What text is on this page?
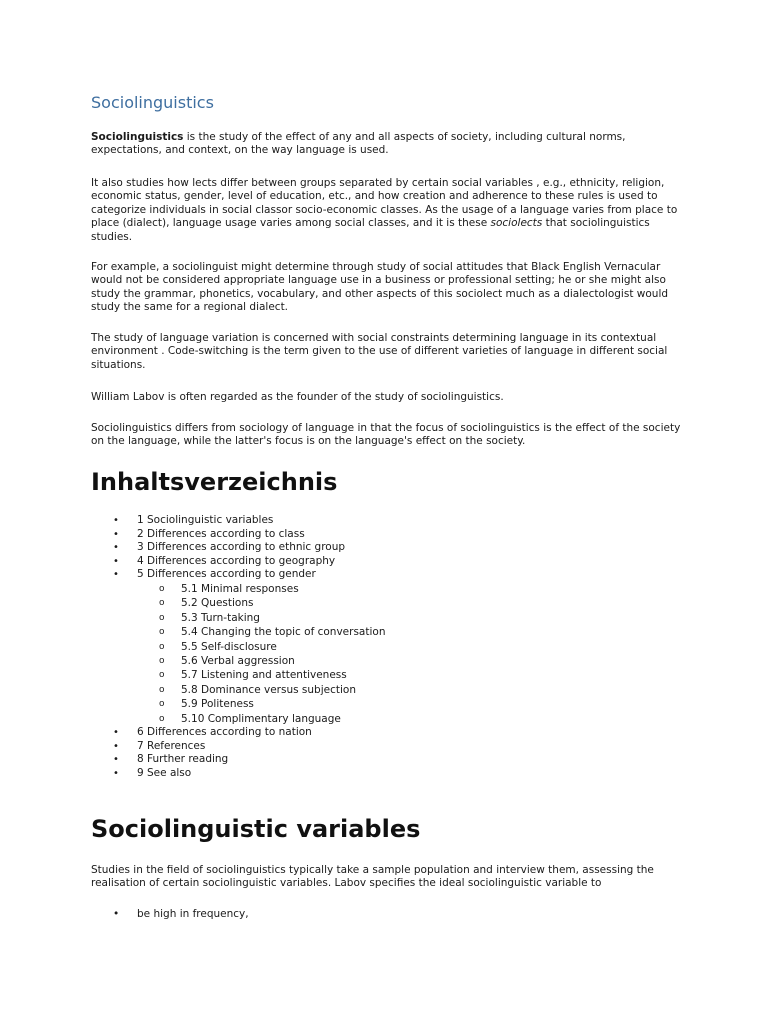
Sociolinguistics

Sociolinguistics is the study of the effect of any and all aspects of society, including cultural norms, expectations, and context, on the way language is used.

It also studies how lects differ between groups separated by certain social variables , e.g., ethnicity, religion, economic status, gender, level of education, etc., and how creation and adherence to these rules is used to categorize individuals in social classor socio-economic classes. As the usage of a language varies from place to place (dialect), language usage varies among social classes, and it is these sociolects that sociolinguistics studies.

For example, a sociolinguist might determine through study of social attitudes that Black English Vernacular would not be considered appropriate language use in a business or professional setting; he or she might also study the grammar, phonetics, vocabulary, and other aspects of this sociolect much as a dialectologist would study the same for a regional dialect.

The study of language variation is concerned with social constraints determining language in its contextual environment . Code-switching is the term given to the use of different varieties of language in different social situations.

William Labov is often regarded as the founder of the study of sociolinguistics.

Sociolinguistics differs from sociology of language in that the focus of sociolinguistics is the effect of the society on the language, while the latter's focus is on the language's effect on the society.

Inhaltsverzeichnis
• 1 Sociolinguistic variables
• 2 Differences according to class
• 3 Differences according to ethnic group
• 4 Differences according to geography
• 5 Differences according to gender
o 5.1 Minimal responses
o 5.2 Questions
o 5.3 Turn-taking
o 5.4 Changing the topic of conversation
o 5.5 Self-disclosure
o 5.6 Verbal aggression
o 5.7 Listening and attentiveness
o 5.8 Dominance versus subjection
o 5.9 Politeness
o 5.10 Complimentary language
• 6 Differences according to nation
• 7 References
• 8 Further reading
• 9 See also
Sociolinguistic variables

Studies in the field of sociolinguistics typically take a sample population and interview them, assessing the realisation of certain sociolinguistic variables. Labov specifies the ideal sociolinguistic variable to

• be high in frequency,
